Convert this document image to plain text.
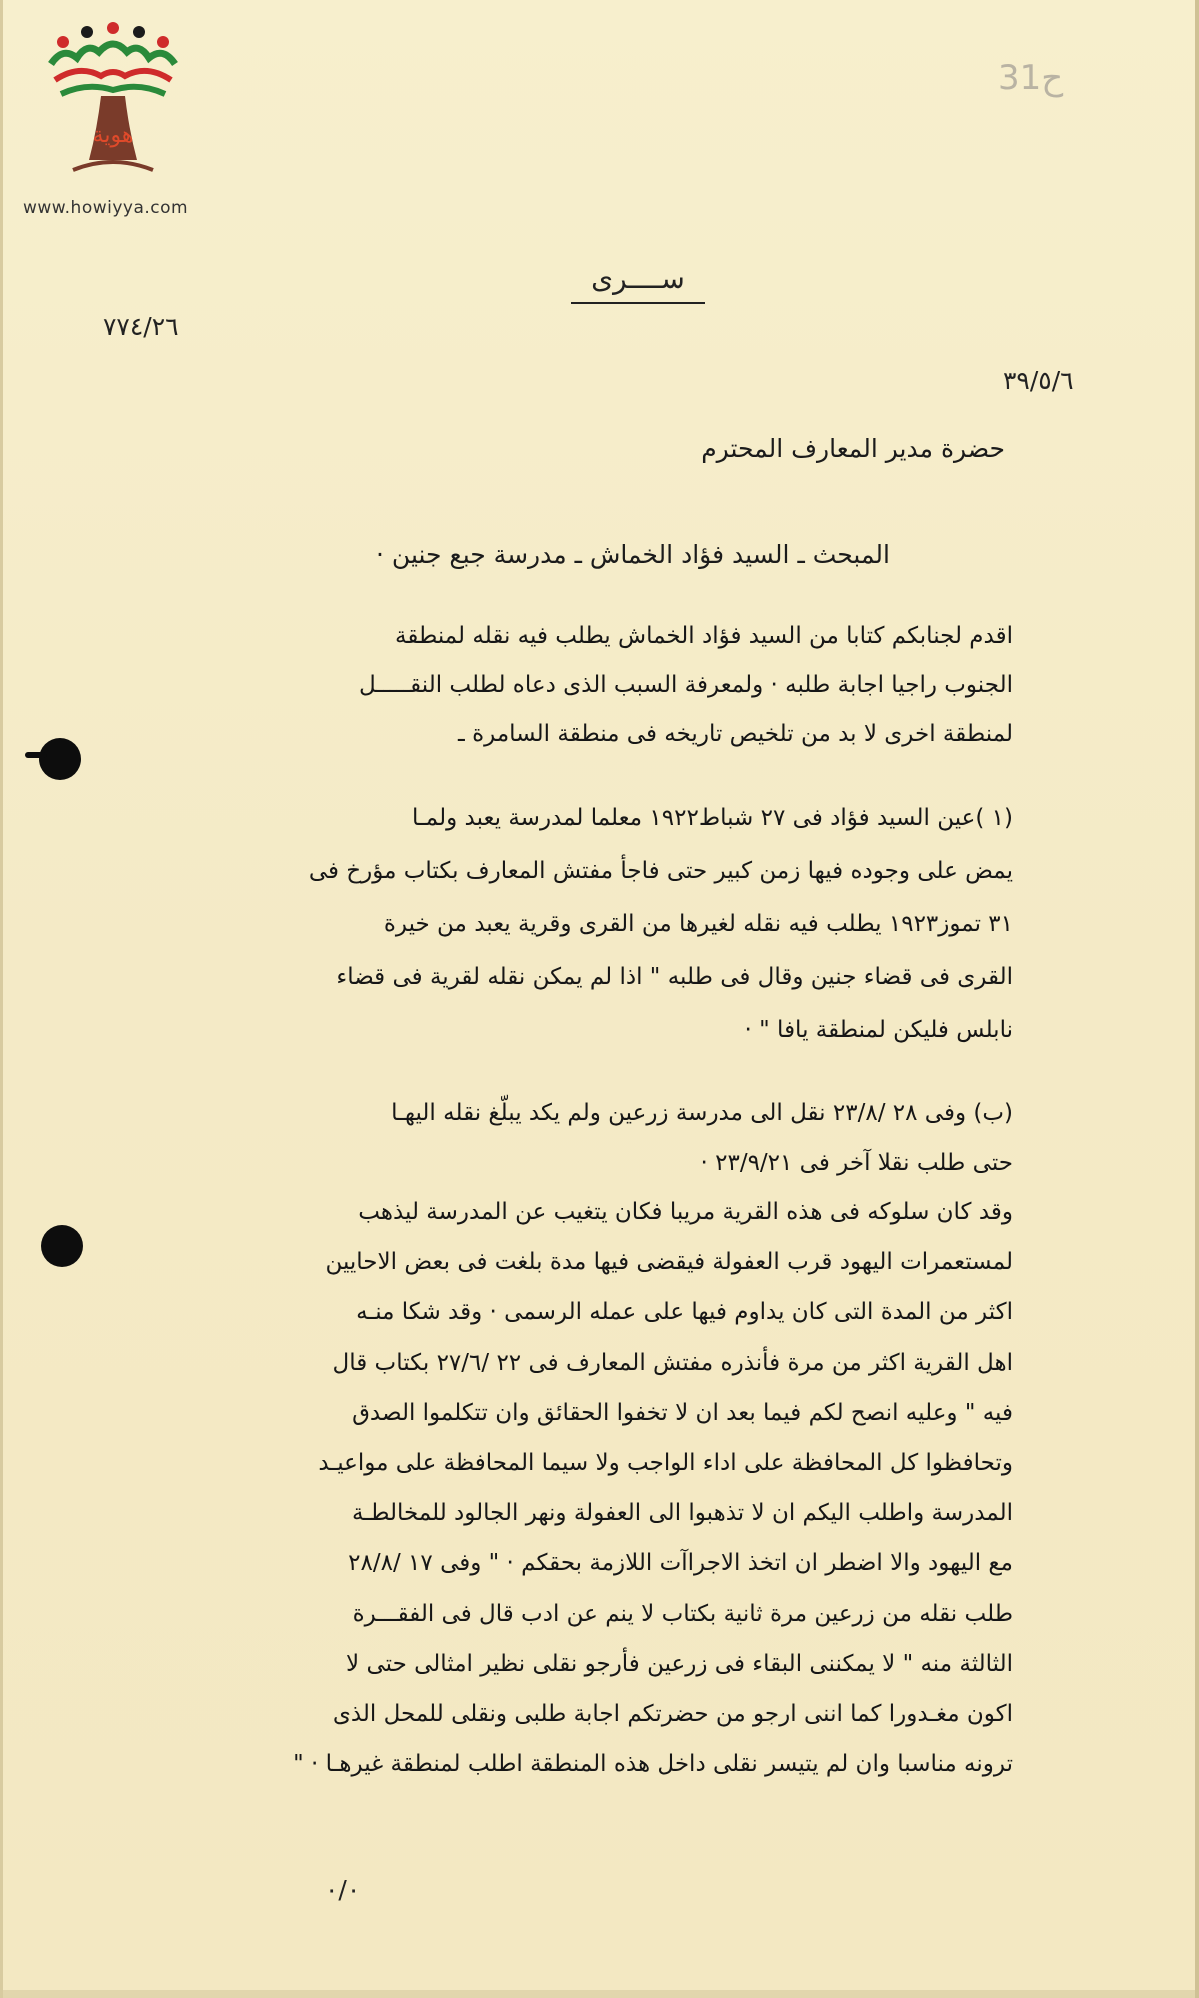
هوية
www.howiyya.com
ح31
ســــرى
٧٧٤/٢٦
٣٩/٥/٦
حضرة مدير المعارف المحترم
المبحث ـ السيد فؤاد الخماش ـ مدرسة جبع جنين ·
اقدم لجنابكم كتابا من السيد فؤاد الخماش يطلب فيه نقله لمنطقة
الجنوب راجيا اجابة طلبه · ولمعرفة السبب الذى دعاه لطلب النقـــــل
لمنطقة اخرى لا بد من تلخيص تاريخه فى منطقة السامرة ـ
(١ )عين السيد فؤاد فى ٢٧ شباط١٩٢٢ معلما لمدرسة يعبد ولمـا
يمض على وجوده فيها زمن كبير حتى فاجأ مفتش المعارف بكتاب مؤرخ فى
٣١ تموز١٩٢٣ يطلب فيه نقله لغيرها من القرى وقرية يعبد من خيرة
القرى فى قضاء جنين وقال فى طلبه " اذا لم يمكن نقله لقرية فى قضاء
نابلس فليكن لمنطقة يافا " ·
(ب) وفى ٢٨ /٢٣/٨ نقل الى مدرسة زرعين ولم يكد يبلّغ نقله اليهـا
حتى طلب نقلا آخر فى ٢٣/٩/٢١ ·
وقد كان سلوكه فى هذه القرية مريبا فكان يتغيب عن المدرسة ليذهب
لمستعمرات اليهود قرب العفولة فيقضى فيها مدة بلغت فى بعض الاحايين
اكثر من المدة التى كان يداوم فيها على عمله الرسمى · وقد شكا منـه
اهل القرية اكثر من مرة فأنذره مفتش المعارف فى ٢٢ /٢٧/٦ بكتاب قال
فيه " وعليه انصح لكم فيما بعد ان لا تخفوا الحقائق وان تتكلموا الصدق
وتحافظوا كل المحافظة على اداء الواجب ولا سيما المحافظة على مواعيـد
المدرسة واطلب اليكم ان لا تذهبوا الى العفولة ونهر الجالود للمخالطـة
مع اليهود والا اضطر ان اتخذ الاجراآت اللازمة بحقكم · " وفى ١٧ /٢٨/٨
طلب نقله من زرعين مرة ثانية بكتاب لا ينم عن ادب قال فى الفقـــرة
الثالثة منه " لا يمكننى البقاء فى زرعين فأرجو نقلى نظير امثالى حتى لا
اكون مغـدورا كما اننى ارجو من حضرتكم اجابة طلبى ونقلى للمحل الذى
ترونه مناسبا وان لم يتيسر نقلى داخل هذه المنطقة اطلب لمنطقة غيرهـا · "
٠/٠
